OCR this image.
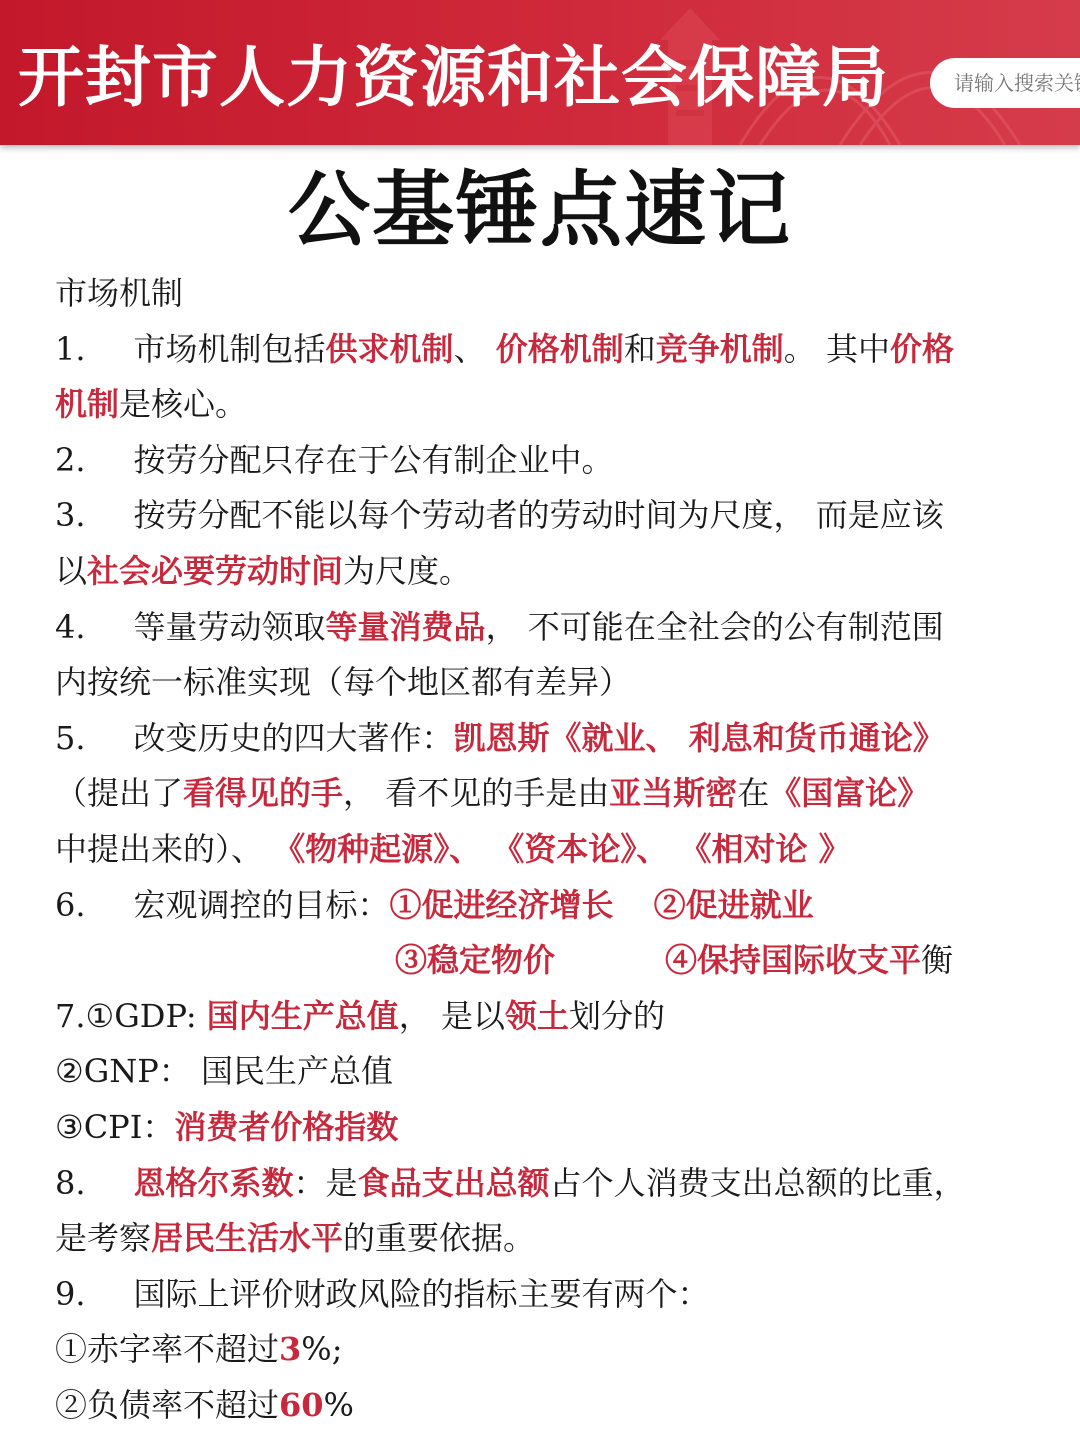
开封市人力资源和社会保障局
请输入搜索关键词
公基锤点速记
市场机制
1. 市场机制包括供求机制、 价格机制和竞争机制。 其中价格
机制是核心。
2. 按劳分配只存在于公有制企业中。
3. 按劳分配不能以每个劳动者的劳动时间为尺度， 而是应该
以社会必要劳动时间为尺度。
4. 等量劳动领取等量消费品， 不可能在全社会的公有制范围
内按统一标准实现（每个地区都有差异）
5. 改变历史的四大著作：凯恩斯《就业、 利息和货币通论》
（提出了看得见的手， 看不见的手是由亚当斯密在《国富论》
中提出来的）、 《物种起源》、 《资本论》、 《相对论 》
6. 宏观调控的目标：①促进经济增长 ②促进就业
③稳定物价	④保持国际收支平衡
7.①GDP: 国内生产总值， 是以领土划分的
②GNP： 国民生产总值
③CPI：消费者价格指数
8. 恩格尔系数：是食品支出总额占个人消费支出总额的比重，
是考察居民生活水平的重要依据。
9. 国际上评价财政风险的指标主要有两个：
①赤字率不超过3%;
②负债率不超过60%
